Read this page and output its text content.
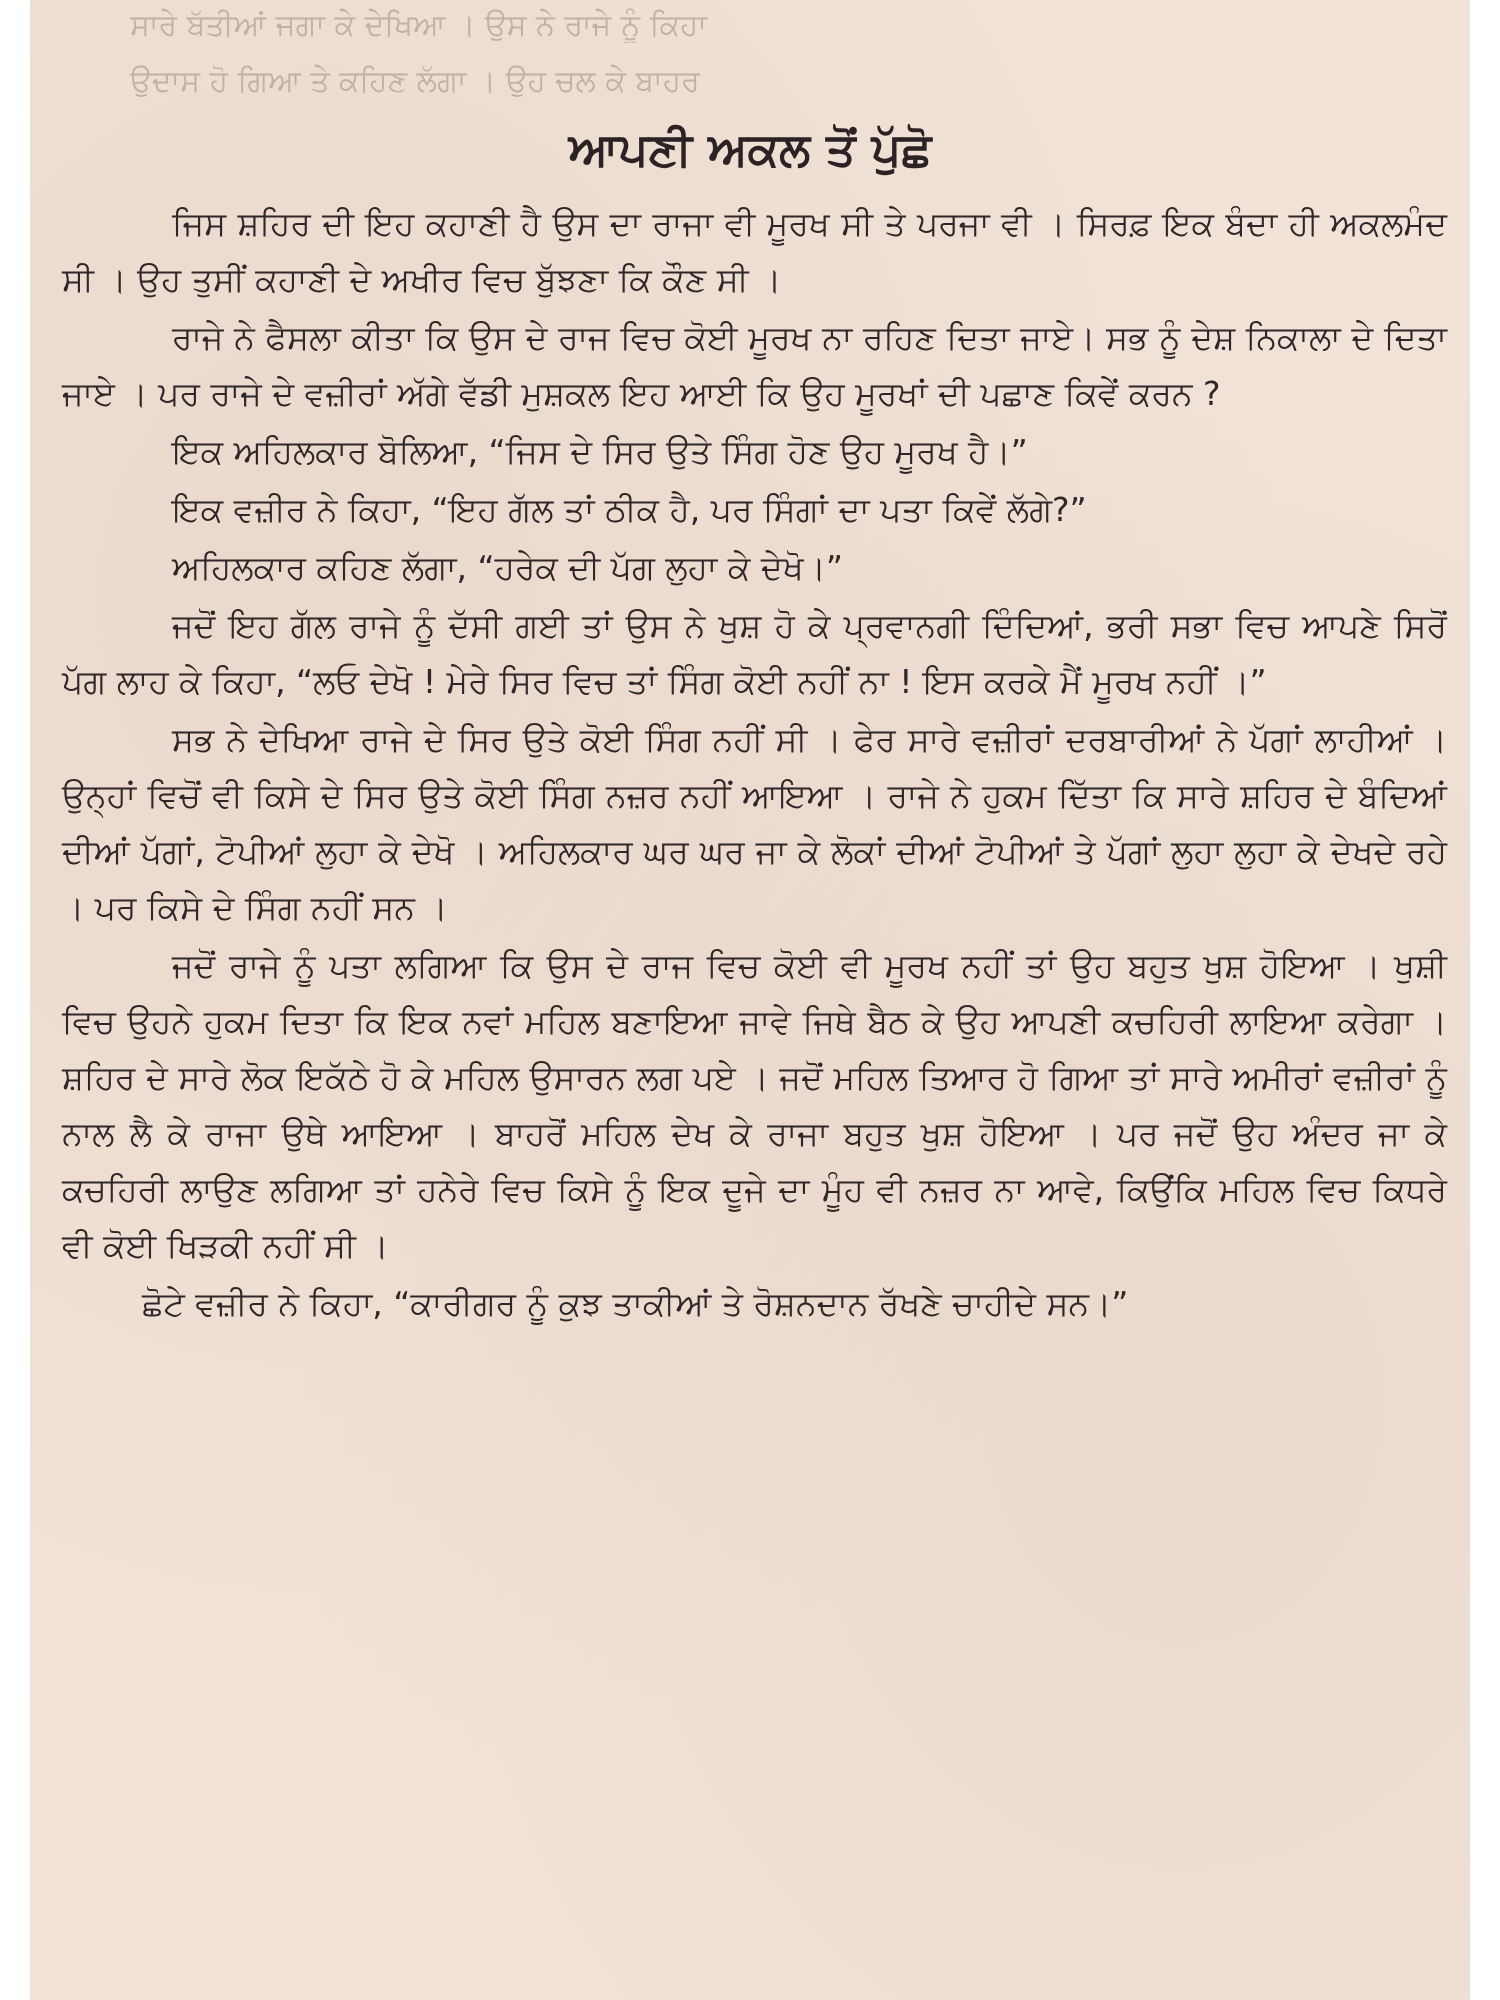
ਸਾਰੇ ਬੱਤੀਆਂ ਜਗਾ ਕੇ ਦੇਖਿਆ । ਉਸ ਨੇ ਰਾਜੇ ਨੂੰ ਕਿਹਾ
ਉਦਾਸ ਹੋ ਗਿਆ ਤੇ ਕਹਿਣ ਲੱਗਾ । ਉਹ ਚਲ ਕੇ ਬਾਹਰ
ਆਪਣੀ ਅਕਲ ਤੋਂ ਪੁੱਛੋ

ਜਿਸ ਸ਼ਹਿਰ ਦੀ ਇਹ ਕਹਾਣੀ ਹੈ ਉਸ ਦਾ ਰਾਜਾ ਵੀ ਮੂਰਖ ਸੀ ਤੇ ਪਰਜਾ ਵੀ । ਸਿਰਫ਼ ਇਕ ਬੰਦਾ ਹੀ ਅਕਲਮੰਦ ਸੀ । ਉਹ ਤੁਸੀਂ ਕਹਾਣੀ ਦੇ ਅਖੀਰ ਵਿਚ ਬੁੱਝਣਾ ਕਿ ਕੌਣ ਸੀ ।

ਰਾਜੇ ਨੇ ਫੈਸਲਾ ਕੀਤਾ ਕਿ ਉਸ ਦੇ ਰਾਜ ਵਿਚ ਕੋਈ ਮੂਰਖ ਨਾ ਰਹਿਣ ਦਿਤਾ ਜਾਏ। ਸਭ ਨੂੰ ਦੇਸ਼ ਨਿਕਾਲਾ ਦੇ ਦਿਤਾ ਜਾਏ । ਪਰ ਰਾਜੇ ਦੇ ਵਜ਼ੀਰਾਂ ਅੱਗੇ ਵੱਡੀ ਮੁਸ਼ਕਲ ਇਹ ਆਈ ਕਿ ਉਹ ਮੂਰਖਾਂ ਦੀ ਪਛਾਣ ਕਿਵੇਂ ਕਰਨ ?

ਇਕ ਅਹਿਲਕਾਰ ਬੋਲਿਆ, “ਜਿਸ ਦੇ ਸਿਰ ਉਤੇ ਸਿੰਗ ਹੋਣ ਉਹ ਮੂਰਖ ਹੈ।”

ਇਕ ਵਜ਼ੀਰ ਨੇ ਕਿਹਾ, “ਇਹ ਗੱਲ ਤਾਂ ਠੀਕ ਹੈ, ਪਰ ਸਿੰਗਾਂ ਦਾ ਪਤਾ ਕਿਵੇਂ ਲੱਗੇ?”

ਅਹਿਲਕਾਰ ਕਹਿਣ ਲੱਗਾ, “ਹਰੇਕ ਦੀ ਪੱਗ ਲੁਹਾ ਕੇ ਦੇਖੋ।”

ਜਦੋਂ ਇਹ ਗੱਲ ਰਾਜੇ ਨੂੰ ਦੱਸੀ ਗਈ ਤਾਂ ਉਸ ਨੇ ਖੁਸ਼ ਹੋ ਕੇ ਪ੍ਰਵਾਨਗੀ ਦਿੰਦਿਆਂ, ਭਰੀ ਸਭਾ ਵਿਚ ਆਪਣੇ ਸਿਰੋਂ ਪੱਗ ਲਾਹ ਕੇ ਕਿਹਾ, “ਲਓ ਦੇਖੋ ! ਮੇਰੇ ਸਿਰ ਵਿਚ ਤਾਂ ਸਿੰਗ ਕੋਈ ਨਹੀਂ ਨਾ ! ਇਸ ਕਰਕੇ ਮੈਂ ਮੂਰਖ ਨਹੀਂ ।”

ਸਭ ਨੇ ਦੇਖਿਆ ਰਾਜੇ ਦੇ ਸਿਰ ਉਤੇ ਕੋਈ ਸਿੰਗ ਨਹੀਂ ਸੀ । ਫੇਰ ਸਾਰੇ ਵਜ਼ੀਰਾਂ ਦਰਬਾਰੀਆਂ ਨੇ ਪੱਗਾਂ ਲਾਹੀਆਂ । ਉਨ੍ਹਾਂ ਵਿਚੋਂ ਵੀ ਕਿਸੇ ਦੇ ਸਿਰ ਉਤੇ ਕੋਈ ਸਿੰਗ ਨਜ਼ਰ ਨਹੀਂ ਆਇਆ । ਰਾਜੇ ਨੇ ਹੁਕਮ ਦਿੱਤਾ ਕਿ ਸਾਰੇ ਸ਼ਹਿਰ ਦੇ ਬੰਦਿਆਂ ਦੀਆਂ ਪੱਗਾਂ, ਟੋਪੀਆਂ ਲੁਹਾ ਕੇ ਦੇਖੋ । ਅਹਿਲਕਾਰ ਘਰ ਘਰ ਜਾ ਕੇ ਲੋਕਾਂ ਦੀਆਂ ਟੋਪੀਆਂ ਤੇ ਪੱਗਾਂ ਲੁਹਾ ਲੁਹਾ ਕੇ ਦੇਖਦੇ ਰਹੇ । ਪਰ ਕਿਸੇ ਦੇ ਸਿੰਗ ਨਹੀਂ ਸਨ ।

ਜਦੋਂ ਰਾਜੇ ਨੂੰ ਪਤਾ ਲਗਿਆ ਕਿ ਉਸ ਦੇ ਰਾਜ ਵਿਚ ਕੋਈ ਵੀ ਮੂਰਖ ਨਹੀਂ ਤਾਂ ਉਹ ਬਹੁਤ ਖੁਸ਼ ਹੋਇਆ । ਖੁਸ਼ੀ ਵਿਚ ਉਹਨੇ ਹੁਕਮ ਦਿਤਾ ਕਿ ਇਕ ਨਵਾਂ ਮਹਿਲ ਬਣਾਇਆ ਜਾਵੇ ਜਿਥੇ ਬੈਠ ਕੇ ਉਹ ਆਪਣੀ ਕਚਹਿਰੀ ਲਾਇਆ ਕਰੇਗਾ । ਸ਼ਹਿਰ ਦੇ ਸਾਰੇ ਲੋਕ ਇਕੱਠੇ ਹੋ ਕੇ ਮਹਿਲ ਉਸਾਰਨ ਲਗ ਪਏ । ਜਦੋਂ ਮਹਿਲ ਤਿਆਰ ਹੋ ਗਿਆ ਤਾਂ ਸਾਰੇ ਅਮੀਰਾਂ ਵਜ਼ੀਰਾਂ ਨੂੰ ਨਾਲ ਲੈ ਕੇ ਰਾਜਾ ਉਥੇ ਆਇਆ । ਬਾਹਰੋਂ ਮਹਿਲ ਦੇਖ ਕੇ ਰਾਜਾ ਬਹੁਤ ਖੁਸ਼ ਹੋਇਆ । ਪਰ ਜਦੋਂ ਉਹ ਅੰਦਰ ਜਾ ਕੇ ਕਚਹਿਰੀ ਲਾਉਣ ਲਗਿਆ ਤਾਂ ਹਨੇਰੇ ਵਿਚ ਕਿਸੇ ਨੂੰ ਇਕ ਦੂਜੇ ਦਾ ਮੂੰਹ ਵੀ ਨਜ਼ਰ ਨਾ ਆਵੇ, ਕਿਉਂਕਿ ਮਹਿਲ ਵਿਚ ਕਿਧਰੇ ਵੀ ਕੋਈ ਖਿੜਕੀ ਨਹੀਂ ਸੀ ।

ਛੋਟੇ ਵਜ਼ੀਰ ਨੇ ਕਿਹਾ, “ਕਾਰੀਗਰ ਨੂੰ ਕੁਝ ਤਾਕੀਆਂ ਤੇ ਰੋਸ਼ਨਦਾਨ ਰੱਖਣੇ ਚਾਹੀਦੇ ਸਨ।”
